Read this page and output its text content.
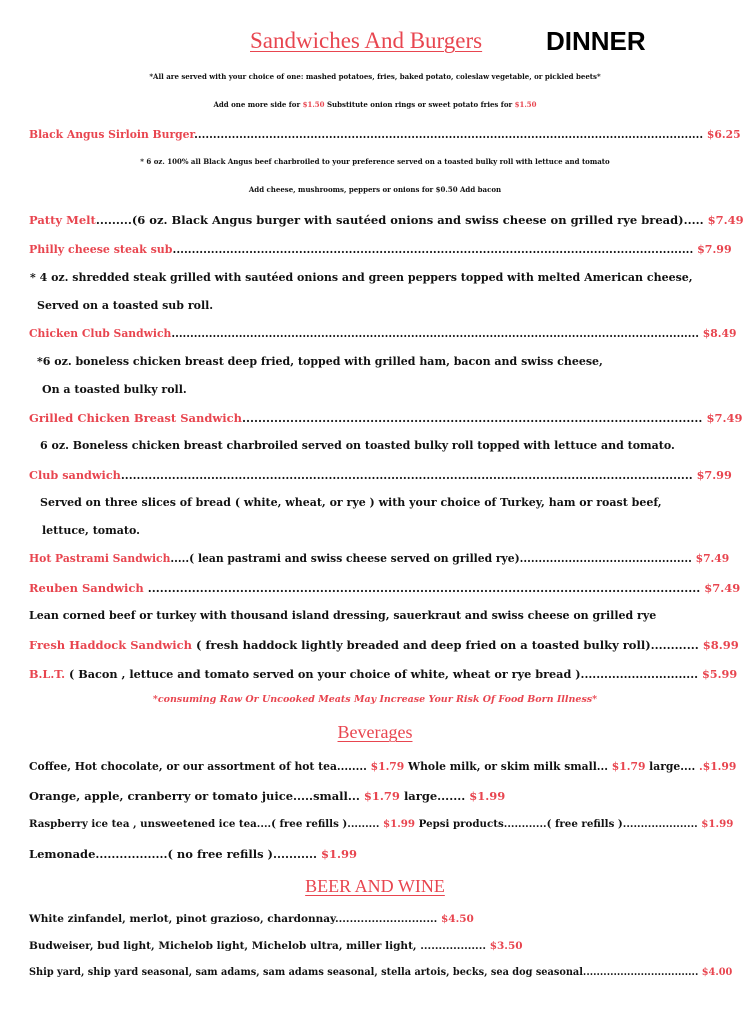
Sandwiches And Burgers DINNER
*All are served with your choice of one: mashed potatoes, fries, baked potato, coleslaw vegetable, or pickled beets*
Add one more side for $1.50 Substitute onion rings or sweet potato fries for $1.50
Black Angus Sirloin Burger........................................................................................................................................ $6.25
* 6 oz. 100% all Black Angus beef charbroiled to your preference served on a toasted bulky roll with lettuce and tomato
Add cheese, mushrooms, peppers or onions for $0.50 Add bacon
Patty Melt.........(6 oz. Black Angus burger with sautéed onions and swiss cheese on grilled rye bread)..... $7.49
Philly cheese steak sub........................................................................................................................................ $7.99
* 4 oz. shredded steak grilled with sautéed onions and green peppers topped with melted American cheese,
Served on a toasted sub roll.
Chicken Club Sandwich............................................................................................................................................. $8.49
*6 oz. boneless chicken breast deep fried, topped with grilled ham, bacon and swiss cheese,
On a toasted bulky roll.
Grilled Chicken Breast Sandwich................................................................................................................... $7.49
6 oz. Boneless chicken breast charbroiled served on toasted bulky roll topped with lettuce and tomato.
Club sandwich.................................................................................................................................................. $7.99
Served on three slices of bread ( white, wheat, or rye ) with your choice of Turkey, ham or roast beef,
lettuce, tomato.
Hot Pastrami Sandwich.....( lean pastrami and swiss cheese served on grilled rye).............................................. $7.49
Reuben Sandwich .......................................................................................................................................... $7.49
Lean corned beef or turkey with thousand island dressing, sauerkraut and swiss cheese on grilled rye
Fresh Haddock Sandwich ( fresh haddock lightly breaded and deep fried on a toasted bulky roll)............ $8.99
B.L.T. ( Bacon , lettuce and tomato served on your choice of white, wheat or rye bread ).............................. $5.99
*consuming Raw Or Uncooked Meats May Increase Your Risk Of Food Born Illness*
Beverages
Coffee, Hot chocolate, or our assortment of hot tea........ $1.79 Whole milk, or skim milk small... $1.79 large.... .$1.99
Orange, apple, cranberry or tomato juice.....small... $1.79 large....... $1.99
Raspberry ice tea , unsweetened ice tea....( free refills )......... $1.99 Pepsi products............( free refills )..................... $1.99
Lemonade..................( no free refills )........... $1.99
BEER AND WINE
White zinfandel, merlot, pinot grazioso, chardonnay............................ $4.50
Budweiser, bud light, Michelob light, Michelob ultra, miller light, .................. $3.50
Ship yard, ship yard seasonal, sam adams, sam adams seasonal, stella artois, becks, sea dog seasonal.................................. $4.00
